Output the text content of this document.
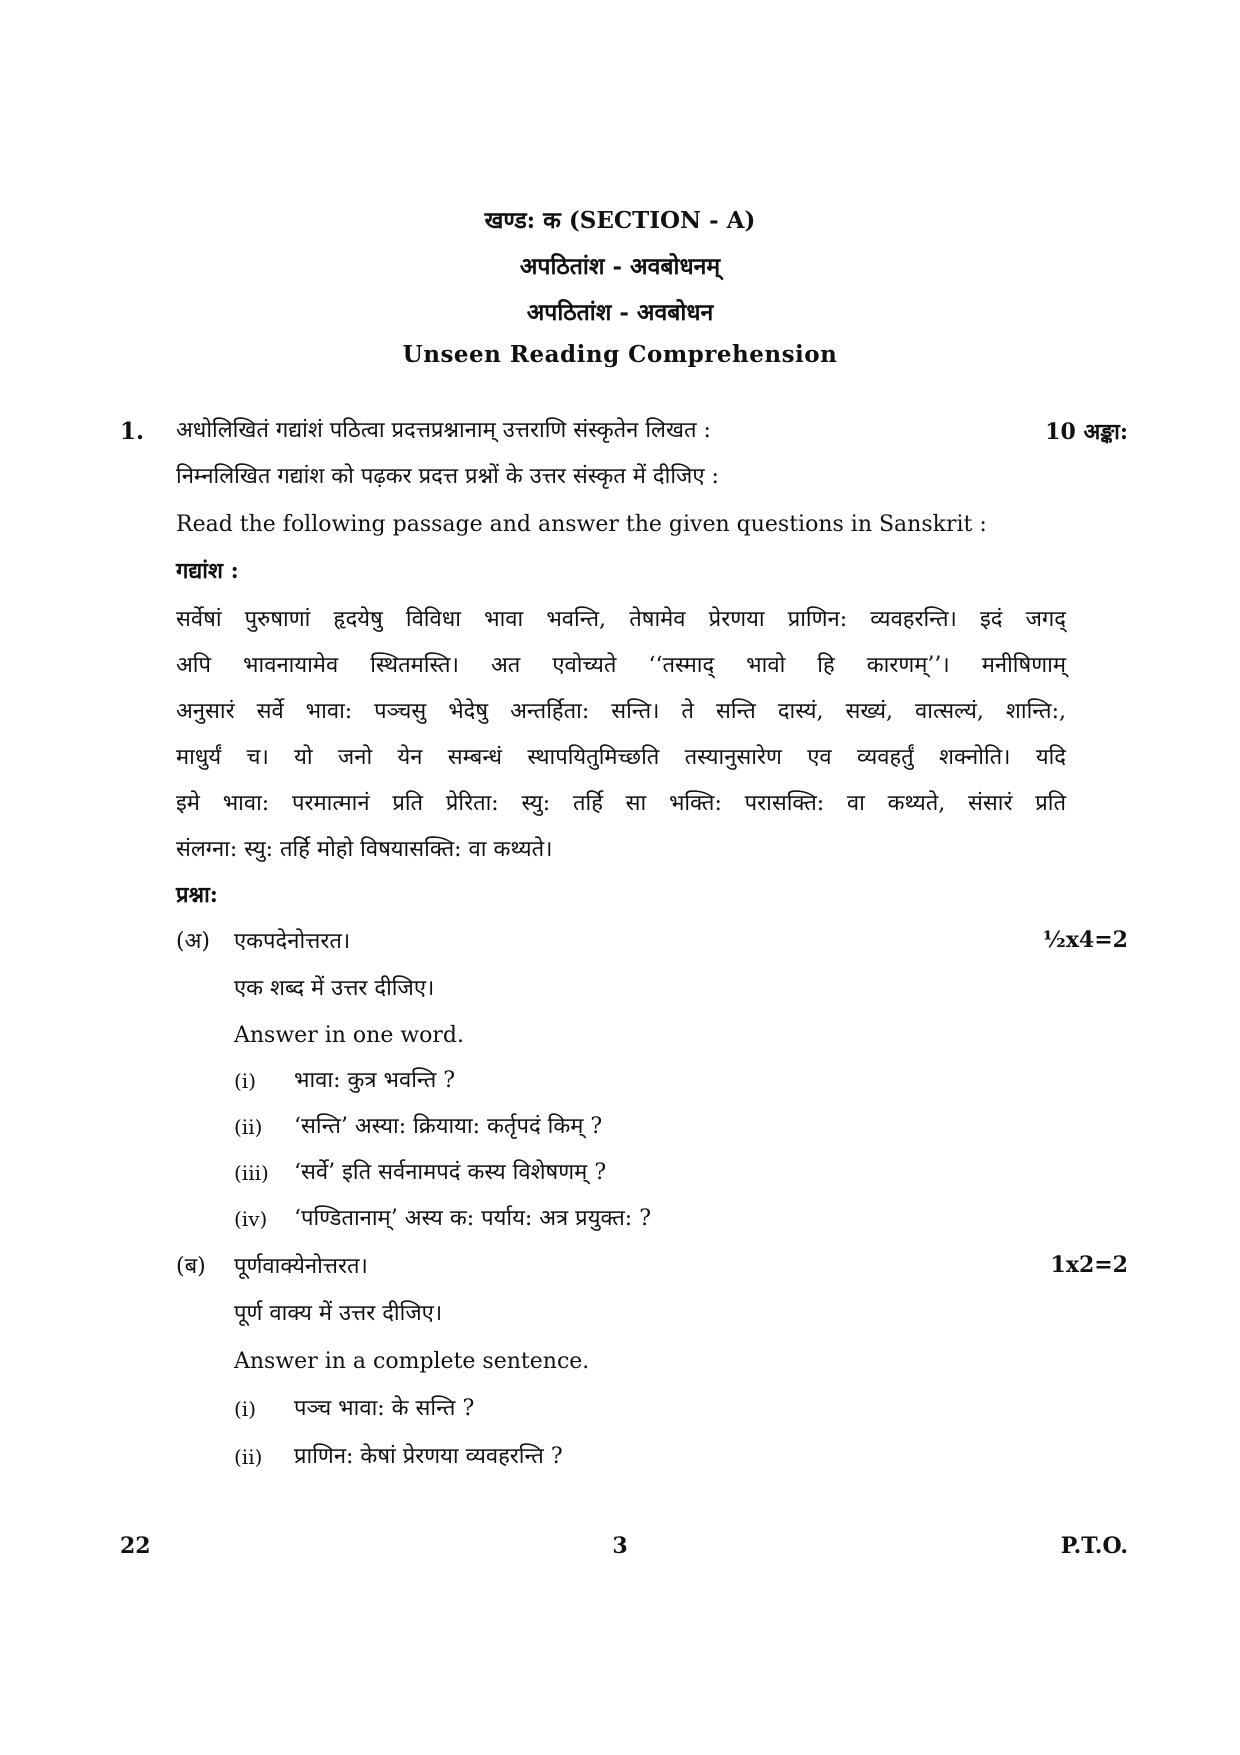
खण्ड: क (SECTION - A)
अपठितांश - अवबोधनम्
अपठितांश - अवबोधन
Unseen Reading Comprehension
1. अधोलिखितं गद्यांशं पठित्वा प्रदत्तप्रश्नानाम् उत्तराणि संस्कृतेन लिखत :	10 अङ्का:
निम्नलिखित गद्यांश को पढ़कर प्रदत्त प्रश्नों के उत्तर संस्कृत में दीजिए :
Read the following passage and answer the given questions in Sanskrit :
गद्यांश :
सर्वेषां पुरुषाणां हृदयेषु विविधा भावा भवन्ति, तेषामेव प्रेरणया प्राणिन: व्यवहरन्ति। इदं जगद्
अपि भावनायामेव स्थितमस्ति। अत एवोच्यते ‘‘तस्माद् भावो हि कारणम्’’। मनीषिणाम्
अनुसारं सर्वे भावा: पञ्चसु भेदेषु अन्तर्हिता: सन्ति। ते सन्ति दास्यं, सख्यं, वात्सल्यं, शान्ति:,
माधुर्यं च। यो जनो येन सम्बन्धं स्थापयितुमिच्छति तस्यानुसारेण एव व्यवहर्तुं शक्नोति। यदि
इमे भावा: परमात्मानं प्रति प्रेरिता: स्यु: तर्हि सा भक्ति: परासक्ति: वा कथ्यते, संसारं प्रति
संलग्ना: स्यु: तर्हि मोहो विषयासक्ति: वा कथ्यते।
प्रश्ना:
(अ) एकपदेनोत्तरत।	½x4=2
एक शब्द में उत्तर दीजिए।
Answer in one word.
(i) भावा: कुत्र भवन्ति ?
(ii) ‘सन्ति’ अस्या: क्रियाया: कर्तृपदं किम् ?
(iii) ‘सर्वे’ इति सर्वनामपदं कस्य विशेषणम् ?
(iv) ‘पण्डितानाम्’ अस्य क: पर्याय: अत्र प्रयुक्त: ?
(ब) पूर्णवाक्येनोत्तरत।	1x2=2
पूर्ण वाक्य में उत्तर दीजिए।
Answer in a complete sentence.
(i) पञ्च भावा: के सन्ति ?
(ii) प्राणिन: केषां प्रेरणया व्यवहरन्ति ?
22	3	P.T.O.
